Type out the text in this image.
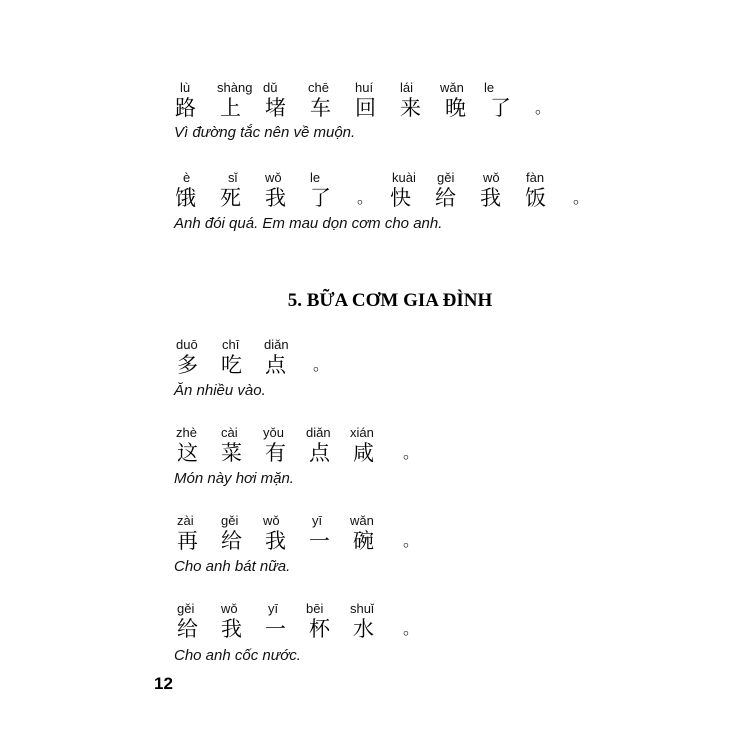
lù shàng dǔ chē huí lái wǎn le
路 上 堵 车 回 来 晚 了 。
Vì đường tắc nên về muộn.
è	sǐ wǒ le	kuài gěi wǒ fàn
饿 死 我 了 。 快 给 我 饭 。
Anh đói quá. Em mau dọn cơm cho anh.
5. BỮA CƠM GIA ĐÌNH
duō chī diǎn
多 吃 点 。
Ăn nhiều vào.
zhè cài yǒu diǎn xián
这 菜 有 点 咸 。
Món này hơi mặn.
zài gěi wǒ yī wǎn
再 给 我 一 碗 。
Cho anh bát nữa.
gěi wǒ yī bēi shuǐ
给 我 一 杯 水 。
Cho anh cốc nước.
12
